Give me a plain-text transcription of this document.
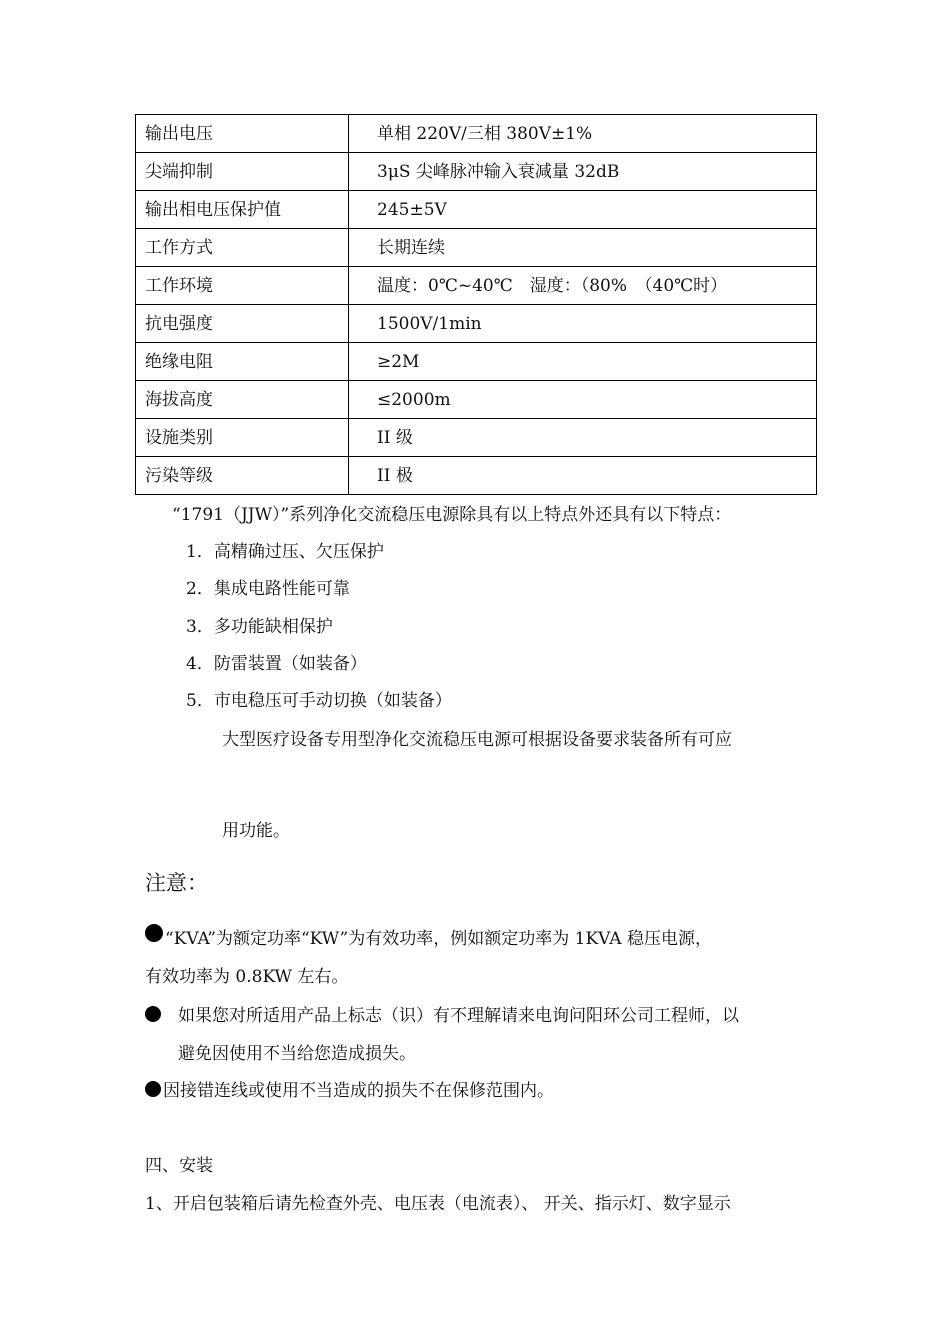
输出电压	单相 220V/三相 380V±1%
尖端抑制	3μS 尖峰脉冲输入衰减量 32dB
输出相电压保护值	245±5V
工作方式	长期连续
工作环境	温度：0℃~40℃　湿度：（80%　（40℃时）
抗电强度	1500V/1min
绝缘电阻	≥2M
海拔高度	≤2000m
设施类别	II 级
污染等级	II 极
“1791（JJW）”系列净化交流稳压电源除具有以上特点外还具有以下特点：
1．高精确过压、欠压保护
2．集成电路性能可靠
3．多功能缺相保护
4．防雷装置（如装备）
5．市电稳压可手动切换（如装备）
大型医疗设备专用型净化交流稳压电源可根据设备要求装备所有可应
用功能。
注意：
“KVA”为额定功率“KW”为有效功率，例如额定功率为 1KVA 稳压电源，
有效功率为 0.8KW 左右。
如果您对所适用产品上标志（识）有不理解请来电询问阳环公司工程师，以
避免因使用不当给您造成损失。
因接错连线或使用不当造成的损失不在保修范围内。
四、安装
1、开启包装箱后请先检查外壳、电压表（电流表）、 开关、指示灯、数字显示
